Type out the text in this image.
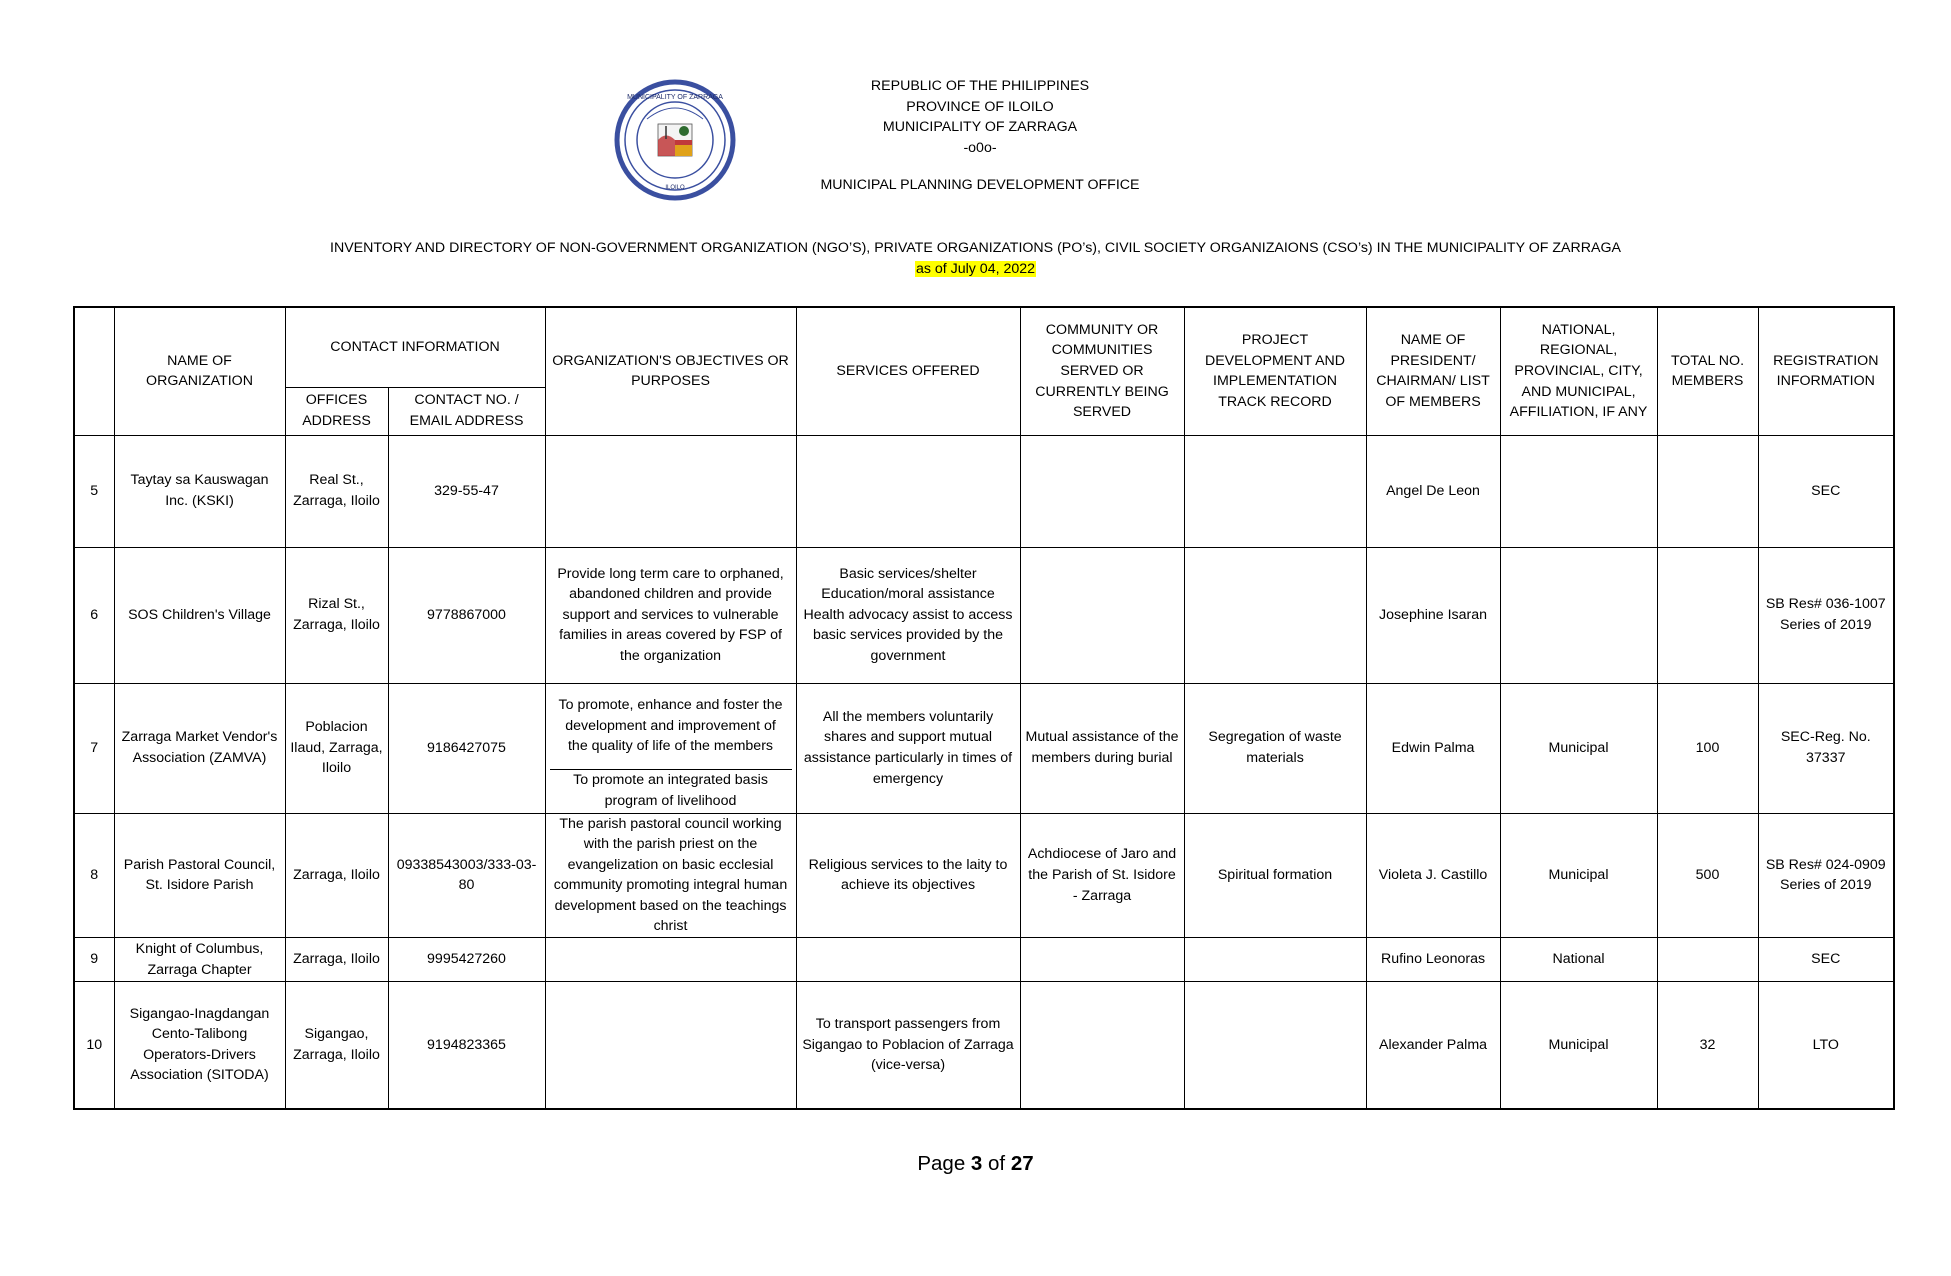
MUNICIPALITY OF ZARRAGA
ILOILO
REPUBLIC OF THE PHILIPPINES
PROVINCE OF ILOILO
MUNICIPALITY OF ZARRAGA
-o0o-
MUNICIPAL PLANNING DEVELOPMENT OFFICE
INVENTORY AND DIRECTORY OF NON-GOVERNMENT ORGANIZATION (NGO’S), PRIVATE ORGANIZATIONS (PO’s), CIVIL SOCIETY ORGANIZAIONS (CSO’s) IN THE MUNICIPALITY OF ZARRAGA
as of July 04, 2022
	NAME OF ORGANIZATION	CONTACT INFORMATION		ORGANIZATION'S OBJECTIVES OR PURPOSES	SERVICES OFFERED	COMMUNITY OR COMMUNITIES SERVED OR CURRENTLY BEING SERVED	PROJECT DEVELOPMENT AND IMPLEMENTATION TRACK RECORD	NAME OF PRESIDENT/ CHAIRMAN/ LIST OF MEMBERS	NATIONAL, REGIONAL, PROVINCIAL, CITY, AND MUNICIPAL, AFFILIATION, IF ANY	TOTAL NO. MEMBERS	REGISTRATION INFORMATION
		OFFICES ADDRESS	CONTACT NO. / EMAIL ADDRESS								
5	Taytay sa Kauswagan Inc. (KSKI)	Real St., Zarraga, Iloilo	329-55-47					Angel De Leon			SEC
6	SOS Children's Village	Rizal St., Zarraga, Iloilo	9778867000	Provide long term care to orphaned, abandoned children and provide support and services to vulnerable families in areas covered by FSP of the organization	Basic services/shelter Education/moral assistance Health advocacy assist to access basic services provided by the government			Josephine Isaran			SB Res# 036-1007 Series of 2019
7	Zarraga Market Vendor's Association (ZAMVA)	Poblacion Ilaud, Zarraga, Iloilo	9186427075	To promote, enhance and foster the development and improvement of the quality of life of the members
To promote an integrated basis program of livelihood	All the members voluntarily shares and support mutual assistance particularly in times of emergency	Mutual assistance of the members during burial	Segregation of waste materials	Edwin Palma	Municipal	100	SEC-Reg. No. 37337
8	Parish Pastoral Council, St. Isidore Parish	Zarraga, Iloilo	09338543003/333-03-80	The parish pastoral council working with the parish priest on the evangelization on basic ecclesial community promoting integral human development based on the teachings christ	Religious services to the laity to achieve its objectives	Achdiocese of Jaro and the Parish of St. Isidore - Zarraga	Spiritual formation	Violeta J. Castillo	Municipal	500	SB Res# 024-0909 Series of 2019
9	Knight of Columbus, Zarraga Chapter	Zarraga, Iloilo	9995427260					Rufino Leonoras	National		SEC
10	Sigangao-Inagdangan Cento-Talibong Operators-Drivers Association (SITODA)	Sigangao, Zarraga, Iloilo	9194823365		To transport passengers from Sigangao to Poblacion of Zarraga (vice-versa)			Alexander Palma	Municipal	32	LTO
Page 3 of 27
